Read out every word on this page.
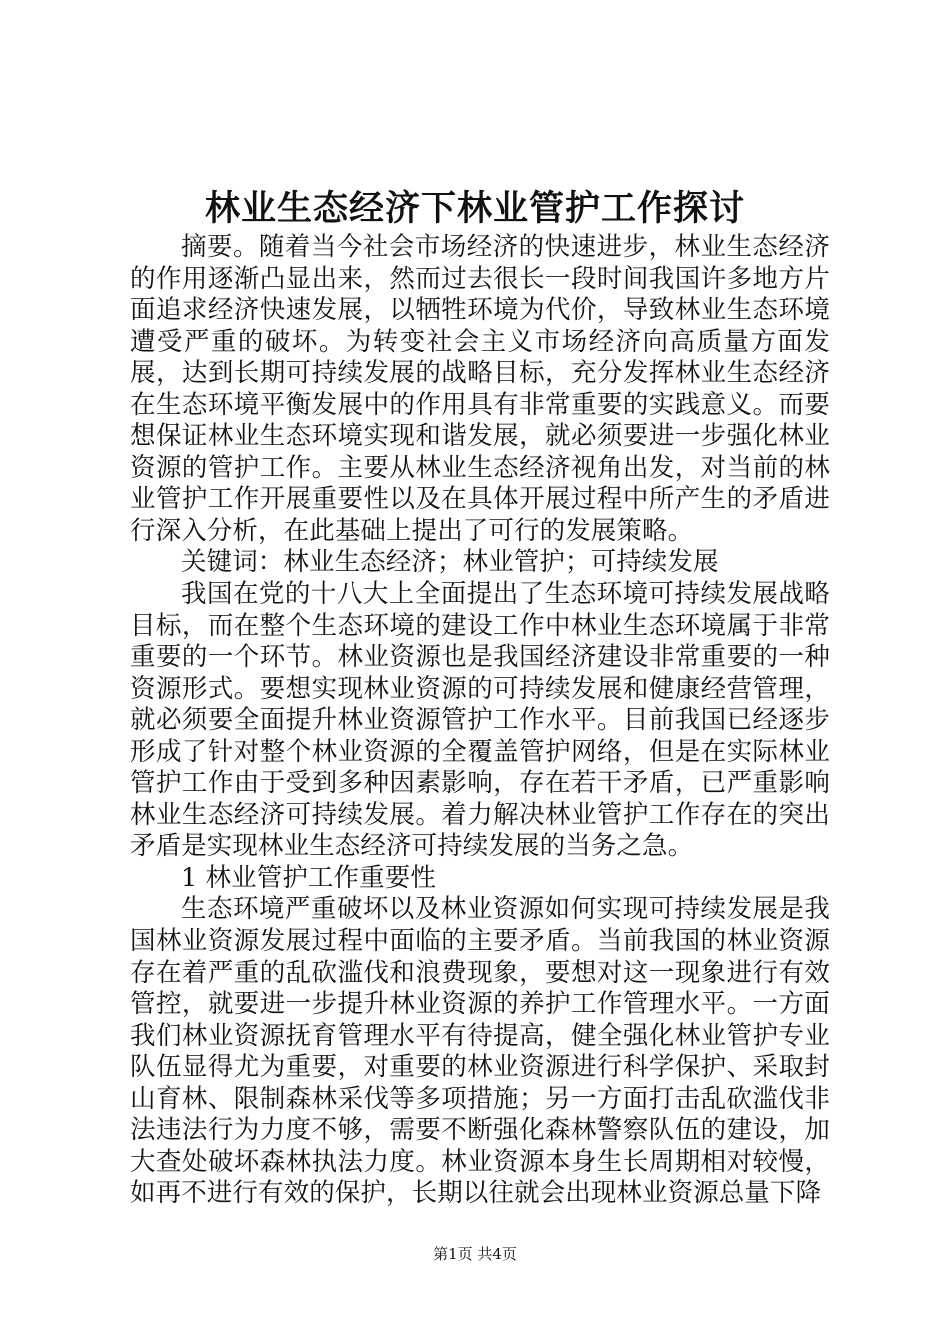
林业生态经济下林业管护工作探讨

摘要。随着当今社会市场经济的快速进步，林业生态经济的作用逐渐凸显出来，然而过去很长一段时间我国许多地方片面追求经济快速发展，以牺牲环境为代价，导致林业生态环境遭受严重的破坏。为转变社会主义市场经济向高质量方面发展，达到长期可持续发展的战略目标，充分发挥林业生态经济在生态环境平衡发展中的作用具有非常重要的实践意义。而要想保证林业生态环境实现和谐发展，就必须要进一步强化林业资源的管护工作。主要从林业生态经济视角出发，对当前的林业管护工作开展重要性以及在具体开展过程中所产生的矛盾进行深入分析，在此基础上提出了可行的发展策略。

关键词：林业生态经济；林业管护；可持续发展

我国在党的十八大上全面提出了生态环境可持续发展战略目标，而在整个生态环境的建设工作中林业生态环境属于非常重要的一个环节。林业资源也是我国经济建设非常重要的一种资源形式。要想实现林业资源的可持续发展和健康经营管理，就必须要全面提升林业资源管护工作水平。目前我国已经逐步形成了针对整个林业资源的全覆盖管护网络，但是在实际林业管护工作由于受到多种因素影响，存在若干矛盾，已严重影响林业生态经济可持续发展。着力解决林业管护工作存在的突出矛盾是实现林业生态经济可持续发展的当务之急。

1 林业管护工作重要性

生态环境严重破坏以及林业资源如何实现可持续发展是我国林业资源发展过程中面临的主要矛盾。当前我国的林业资源存在着严重的乱砍滥伐和浪费现象，要想对这一现象进行有效管控，就要进一步提升林业资源的养护工作管理水平。一方面我们林业资源抚育管理水平有待提高，健全强化林业管护专业队伍显得尤为重要，对重要的林业资源进行科学保护、采取封山育林、限制森林采伐等多项措施；另一方面打击乱砍滥伐非法违法行为力度不够，需要不断强化森林警察队伍的建设，加大查处破坏森林执法力度。林业资源本身生长周期相对较慢，如再不进行有效的保护，长期以往就会出现林业资源总量下降

第1页 共4页
